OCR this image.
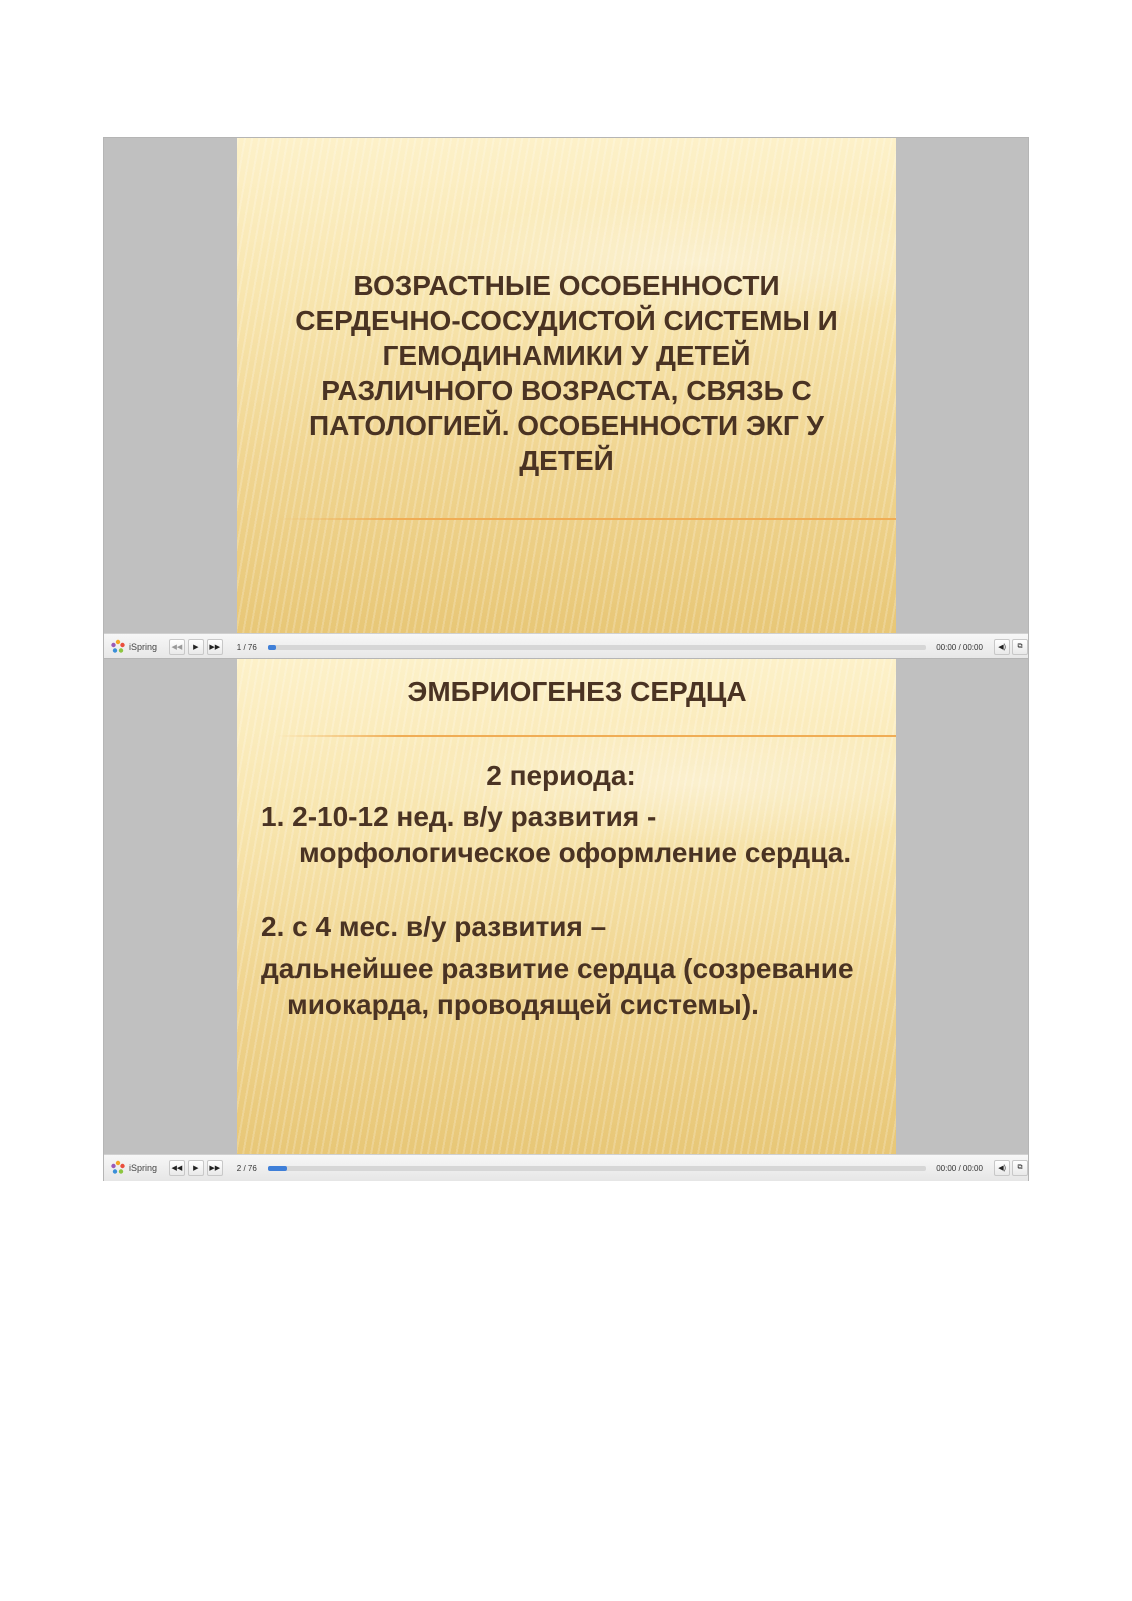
ВОЗРАСТНЫЕ ОСОБЕННОСТИ
СЕРДЕЧНО-СОСУДИСТОЙ СИСТЕМЫ И
ГЕМОДИНАМИКИ У ДЕТЕЙ
РАЗЛИЧНОГО ВОЗРАСТА, СВЯЗЬ С
ПАТОЛОГИЕЙ. ОСОБЕННОСТИ ЭКГ У
ДЕТЕЙ
iSpring ◀◀ ▶ ▶▶ 1 / 76	00:00 / 00:00	◀) ⧉
ЭМБРИОГЕНЕЗ СЕРДЦА
2 периода:
1. 2-10-12 нед. в/у развития -
морфологическое оформление сердца.
2. с 4 мес. в/у развития –
дальнейшее развитие сердца (созревание
миокарда, проводящей системы).
iSpring ◀◀ ▶ ▶▶ 2 / 76	00:00 / 00:00	◀) ⧉
